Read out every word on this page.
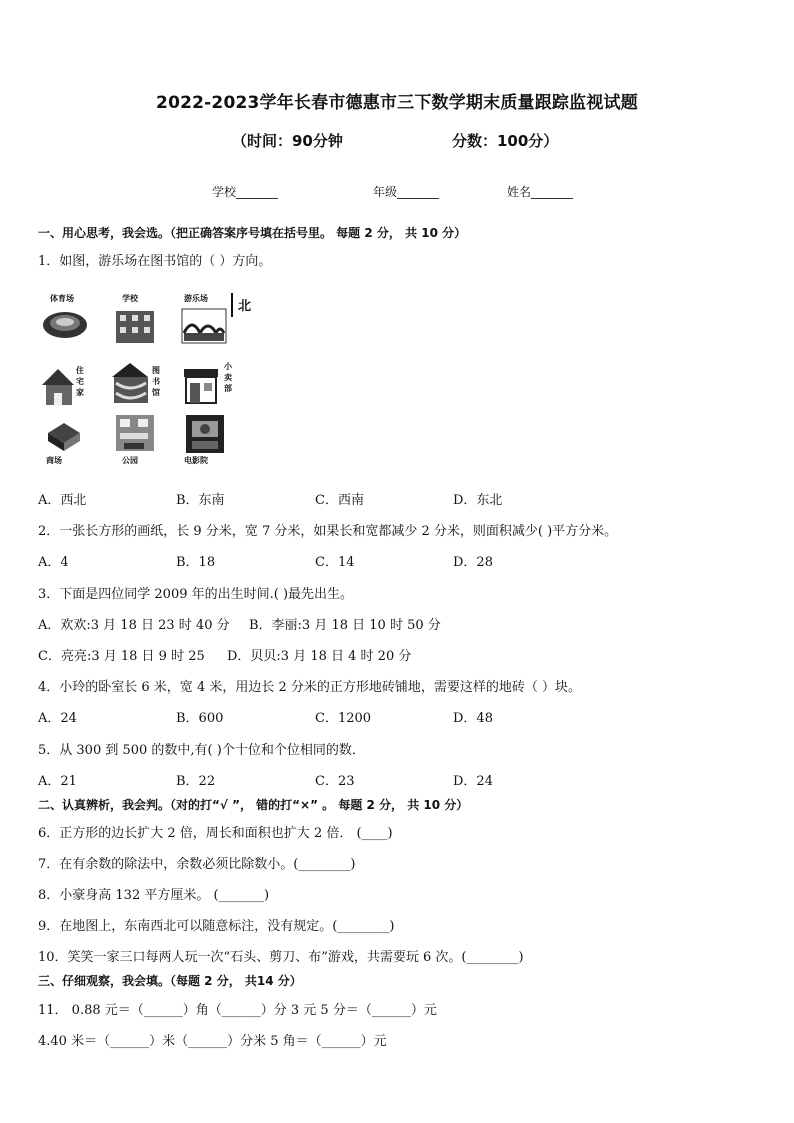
2022-2023学年长春市德惠市三下数学期末质量跟踪监视试题
（时间：90分钟	分数：100分）
学校_______	年级_______	姓名_______
一、用心思考，我会选。（把正确答案序号填在括号里。 每题 2 分， 共 10 分）
1．如图，游乐场在图书馆的（ ）方向。
体育场	学校	游乐场
北
住宅家
图书馆
小卖部
商场	公园	电影院
A．西北	B．东南	C．西南	D．东北
2．一张长方形的画纸，长 9 分米，宽 7 分米，如果长和宽都减少 2 分米，则面积减少( )平方分米。
A．4	B．18	C．14	D．28
3．下面是四位同学 2009 年的出生时间.( )最先出生。
A．欢欢:3 月 18 日 23 时 40 分 B．李丽:3 月 18 日 10 时 50 分
C．亮亮:3 月 18 日 9 时 25 D．贝贝:3 月 18 日 4 时 20 分
4．小玲的卧室长 6 米，宽 4 米，用边长 2 分米的正方形地砖铺地，需要这样的地砖（ ）块。
A．24	B．600	C．1200	D．48
5．从 300 到 500 的数中,有( )个十位和个位相同的数．
A．21	B．22	C．23	D．24
二、认真辨析，我会判。（对的打“√ ”， 错的打“×” 。 每题 2 分， 共 10 分）
6．正方形的边长扩大 2 倍，周长和面积也扩大 2 倍． (____)
7．在有余数的除法中，余数必须比除数小。(________)
8．小豪身高 132 平方厘米。 (_______)
9．在地图上，东南西北可以随意标注，没有规定。(________)
10．笑笑一家三口每两人玩一次“石头、剪刀、布”游戏，共需要玩 6 次。(________)
三、仔细观察，我会填。（每题 2 分， 共14 分）
11． 0.88 元＝（______）角（______）分 3 元 5 分＝（______）元
4.40 米＝（______）米（______）分米 5 角＝（______）元
